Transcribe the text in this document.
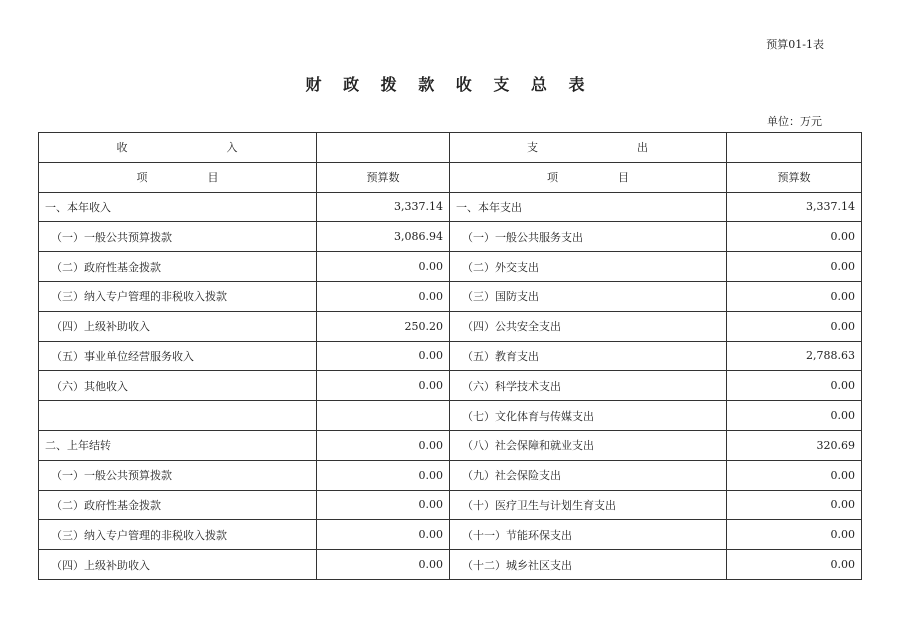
预算01-1表
财 政 拨 款 收 支 总 表
单位：万元
收 入		支 出	

项 目	预算数	项 目	预算数
一、本年收入	3,337.14	一、本年支出	3,337.14
（一）一般公共预算拨款	3,086.94	（一）一般公共服务支出	0.00
（二）政府性基金拨款	0.00	（二）外交支出	0.00
（三）纳入专户管理的非税收入拨款	0.00	（三）国防支出	0.00
（四）上级补助收入	250.20	（四）公共安全支出	0.00
（五）事业单位经营服务收入	0.00	（五）教育支出	2,788.63
（六）其他收入	0.00	（六）科学技术支出	0.00
		（七）文化体育与传媒支出	0.00
二、上年结转	0.00	（八）社会保障和就业支出	320.69
（一）一般公共预算拨款	0.00	（九）社会保险支出	0.00
（二）政府性基金拨款	0.00	（十）医疗卫生与计划生育支出	0.00
（三）纳入专户管理的非税收入拨款	0.00	（十一）节能环保支出	0.00
（四）上级补助收入	0.00	（十二）城乡社区支出	0.00
